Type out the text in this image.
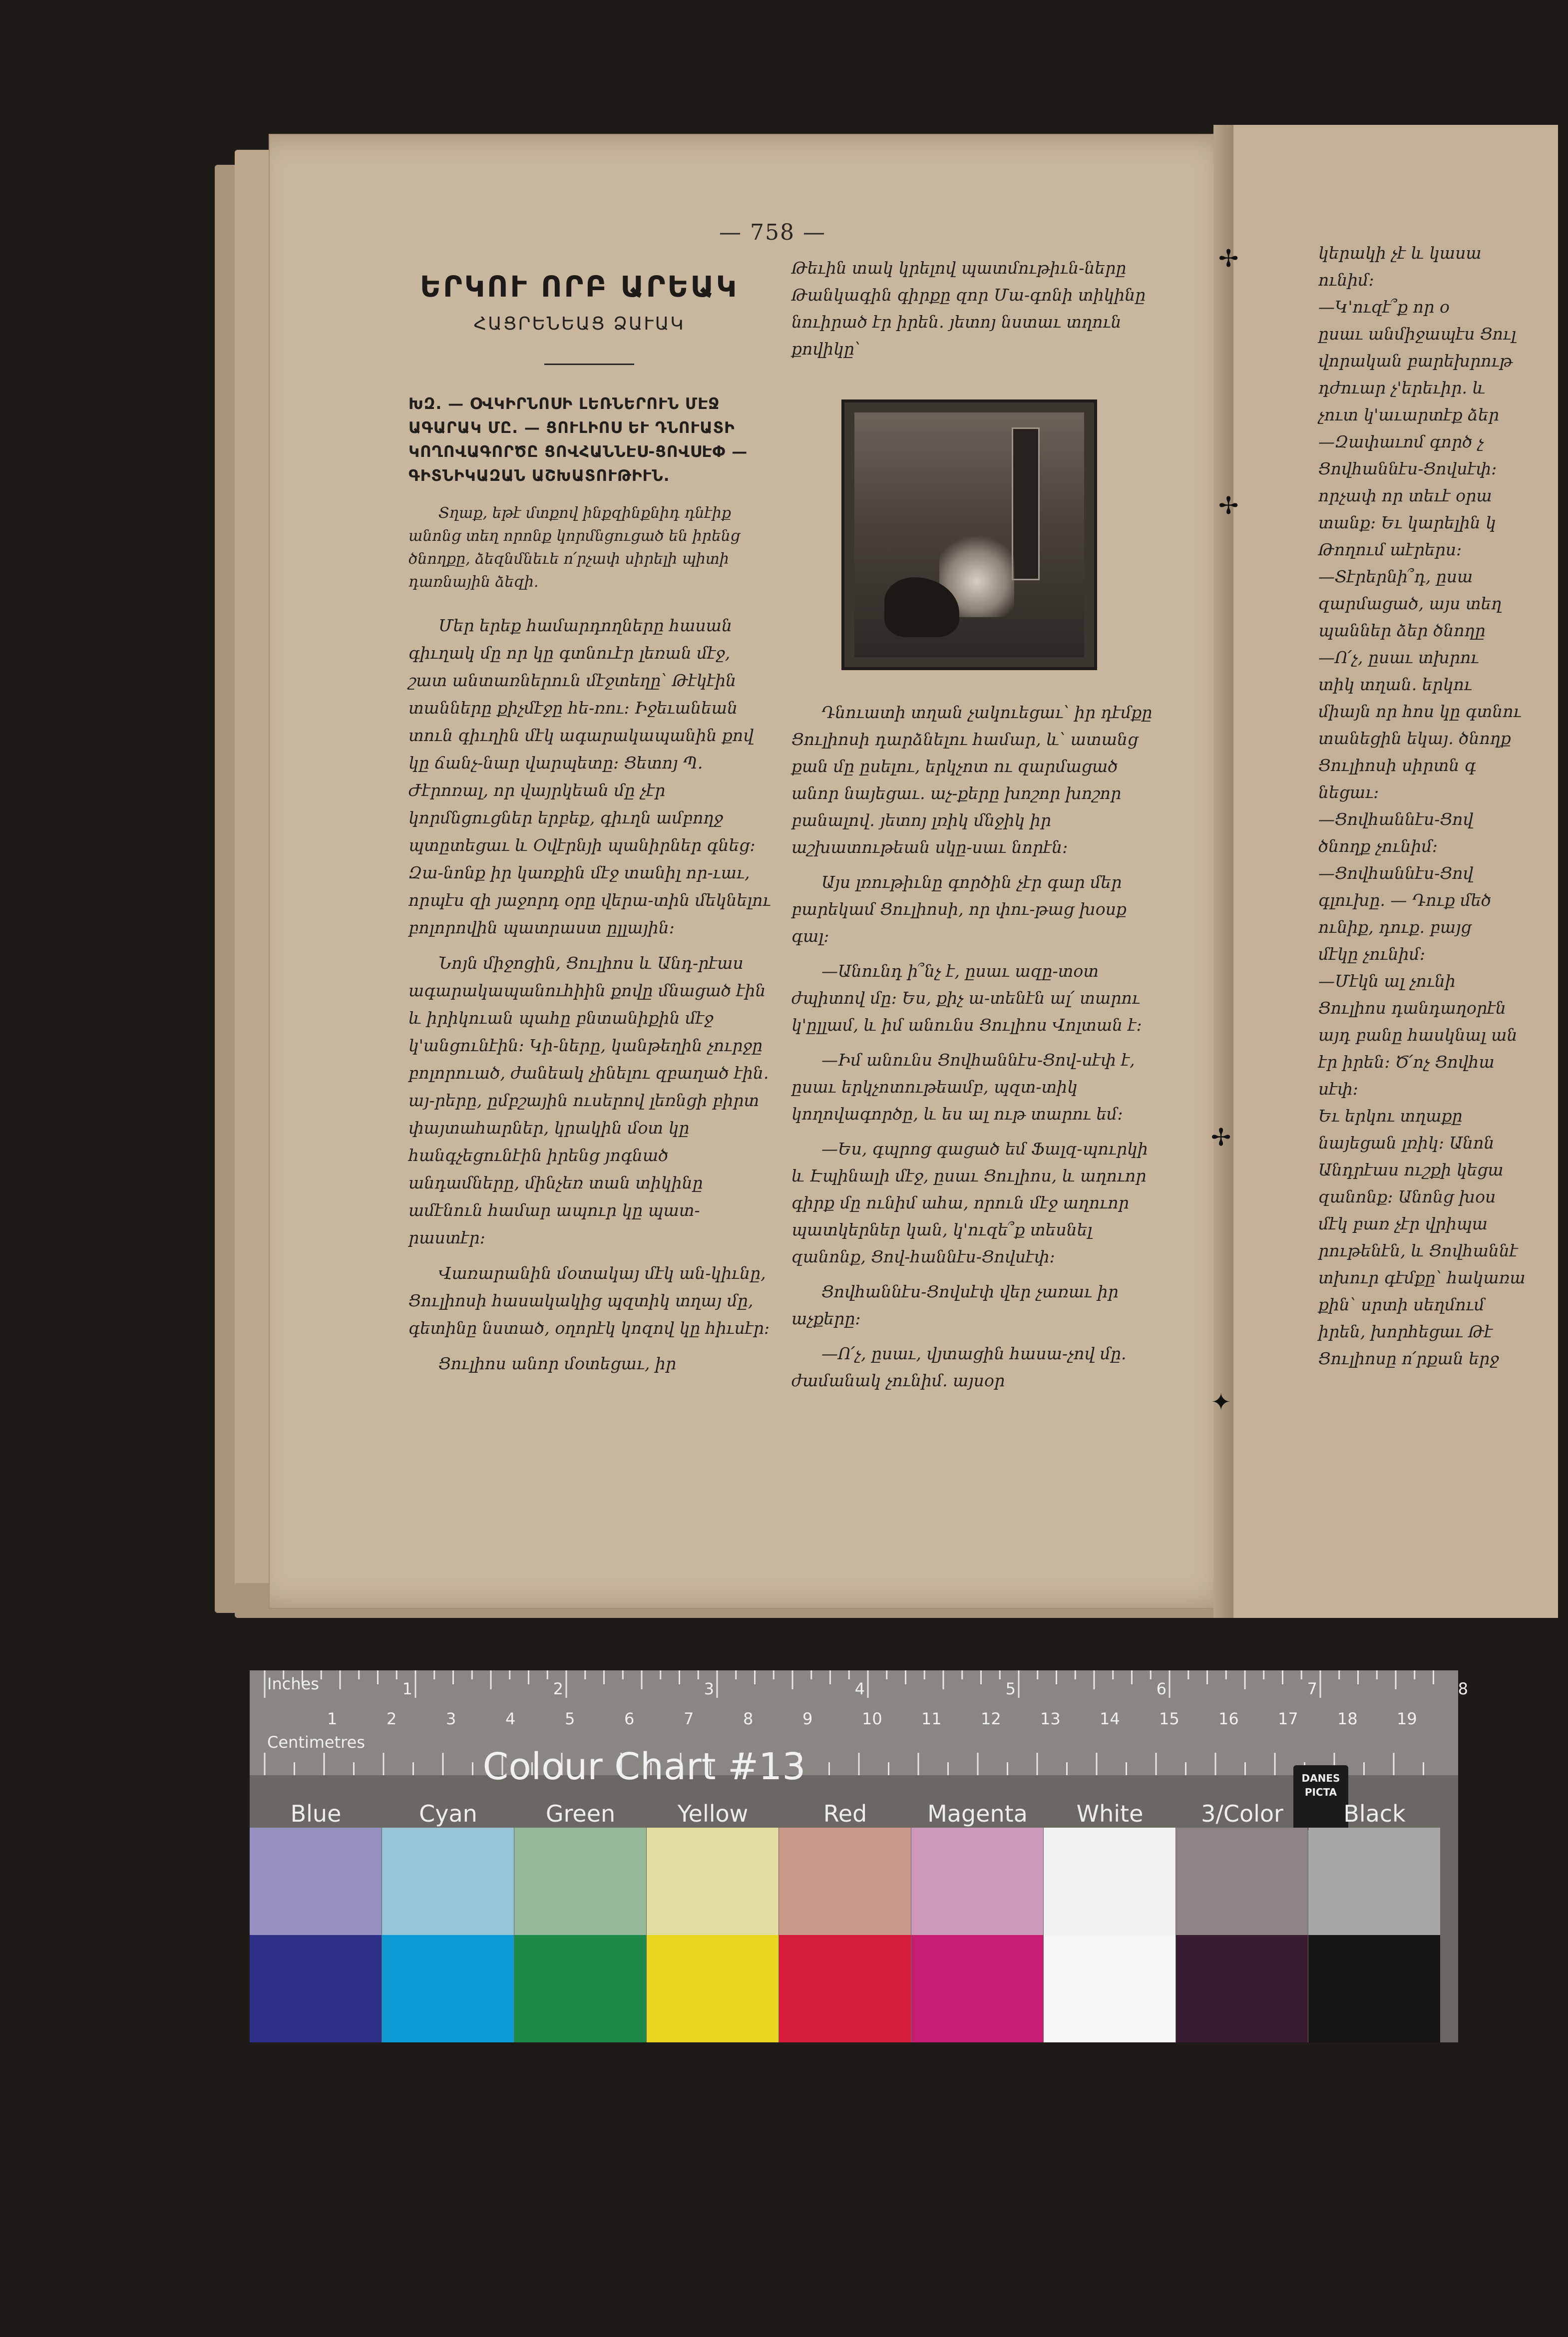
— 758 —
ԵՐԿՈՒ ՈՐԲ ԱՐԵԱԿ
ՀԱՑՐԵՆԵԱՑ ՁԱՒԱԿ
ԽԶ. — ՕՎԿԻՐՆՈՍԻ ԼԵՌՆԵՐՈՒՆ ՄԷՋ ԱԳԱՐԱԿ ՄԸ. — ՑՈՒԼԻՈՍ ԵՒ ԴՆՈՒԱՏԻ ԿՈՂՈՎԱԳՈՐԾԸ ՑՈՎՀԱՆՆԷՍ-ՑՈՎՍԷՓ — ԳԻՏՆԻԿԱԶԱՆ ԱՇԽԱՏՈՒԹԻՒՆ.

Տղաք, եթէ մտքով ինքզինքնիդ դնէիք անոնց տեղ որոնք կորմնցուցած են իրենց ծնողքը, ձեզնմնեւե ո՛րչափ սիրելի պիտի դառնային ձեզի.

Մեր երեք համարդողները հասան գիւղակ մը որ կը գտնուէր լեռան մէջ, շատ անտառներուն մէջտեղը՝ Թէկէին տանները քիչմէջը հե-ռու։ Իջեւանեան տուն գիւղին մէկ ագարակապանին քով կը ճանչ-նար վարպետը։ Ցետոյ Պ. Ժէրոռալ, որ վայրկեան մը չէր կորմնցուցներ երբեք, գիւղն ամբողջ պտըտեցաւ և Օվէրնյի պանիրներ գնեց։ Զա-նոնք իր կառքին մէջ տանիլ որ-ւաւ, որպէս զի յաջորդ օրը վերա-տին մեկնելու բոլորովին պատրաստ ըլլային։

Նոյն միջոցին, Ցուլիոս և Անդ-րէաս ագարակապանուհիին քովը մնացած էին և իրիկուան պահը բնտանիքին մէջ կ'անցունէին։ Կի-ները, կանթեղին չուրջը բոլորուած, ժանեակ չինելու զբաղած էին. այ-րերը, ըմբշային ուսերով լեռնցի բիրտ փայտահարներ, կրակին մօտ կը հանգչեցունէին իրենց յոգնած անդամները, մինչեռ տան տիկինը ամէնուն համար ապուր կը պատ-րաստէր։

Վառարանին մօտակայ մէկ ան-կիւնը, Ցուլիոսի հասակակից պզտիկ տղայ մը, գետինը նստած, օղորէկ կոզով կը հիւսէր։

Ցուլիոս անոր մօտեցաւ, իր

Թեւին տակ կրելով պատմութիւն-ները Թանկագին գիրքը զոր Մա-գոնի տիկինը նուիրած էր իրեն. յետոյ նստաւ տղուն քովիկը՝

Դնուատի տղան չակուեցաւ՝ իր դէմքը Ցուլիոսի դարձնելու համար, և՝ ատանց քան մը ըսելու, երկչոտ ու զարմացած անոր նայեցաւ. աչ-քերը խոշոր խոշոր բանալով. յետոյ լռիկ մնջիկ իր աշխատութեան սկը-սաւ նորէն։

Այս լռութիւնը գործին չէր գար մեր բարեկամ Ցուլիոսի, որ փու-թաց խօսք գալ։

—Անունդ ի՞նչ է, ըսաւ ազը-տօտ ժպիտով մը։ Ես, քիչ ա-տենէն ալ՛ տարու կ'ըլլամ, և իմ անունս Ցուլիոս Վոլտան է։

—Իմ անունս Ցովհաննէս-Ցով-սէփ է, ըսաւ երկչոտութեամբ, պզտ-տիկ կողովագործը, և ես ալ ութ տարու եմ։

—Ես, գպրոց գացած եմ Ֆալզ-պուրկի և Էպինալի մէջ, ըսաւ Ցուլիոս, և աղուոր գիրք մը ունիմ ահա, որուն մէջ աղուոր պատկերներ կան, կ'ուզե՞ք տեսնել զանոնք, Ցով-հաննէս-Ցովսէփ։

Ցովհաննէս-Ցովսէփ վեր չառաւ իր աչքերը։

—Ո՛չ, ըսաւ, վյտացին հասա-չով մը. ժամանակ չունիմ. այսօր

կերակի չէ և կասա
ունիմ։
—Կ'ուզէ՞ք որ օ
ըսաւ անմիջապէս Ցուլ
վորական բարեխրութ
դժուար չ'երեւիր. և
չուտ կ'աւարտէք ձեր
—Զափաւոմ գործ չ
Ցովհաննէս-Ցովսէփ։
որչափ որ տեւէ օրա
տանք։ Եւ կարելին կ
Թողում աէրերս։
—Տէրերնի՞դ, ըսա
զարմացած, այս տեղ
պաններ ձեր ծնողը
—Ո՛չ, ըսաւ տխրու
տիկ տղան. երկու
միայն որ հոս կը գտնու
տանեցին եկայ. ծնողք
Ցուլիոսի սիրտն գ
նեցաւ։
—Ցովհաննէս-Ցով
ծնողք չունիմ։
—Ցովհաննէս-Ցով
գլուխը. — Դուք մեծ
ունիք, դուք. բայց
մէկը չունիմ։
—Մէկն ալ չունի
Ցուլիոս դանդաղօրէն
այդ բանը հասկնալ ան
էր իրեն։ Ծ՛ոչ Ցովհա
սէփ։
Եւ երկու տղաքը
նայեցան լռիկ։ Անոն
Անդրէաս ուշքի կեցա
զանոնք։ Անոնց խօս
մէկ բառ չէր վրիպա
րութենէն, և Ցովհաննէ
տխուր գէմքը՝ հակառա
քին՝ սրտի սեղմում
իրեն, խորհեցաւ Թէ
Ցուլիոսը ո՛րքան երջ
✢
✢
✢
✦
1	2	3	4	5	6	7	8
1	2	3	4	5	6	7	8	9	10 11 12 13 14 15 16 17 18 19
Inches
Centimetres
Colour Chart #13	DANES PICTA
Blue	Cyan	Green	Yellow	Red	Magenta	White	3/Color	Black
